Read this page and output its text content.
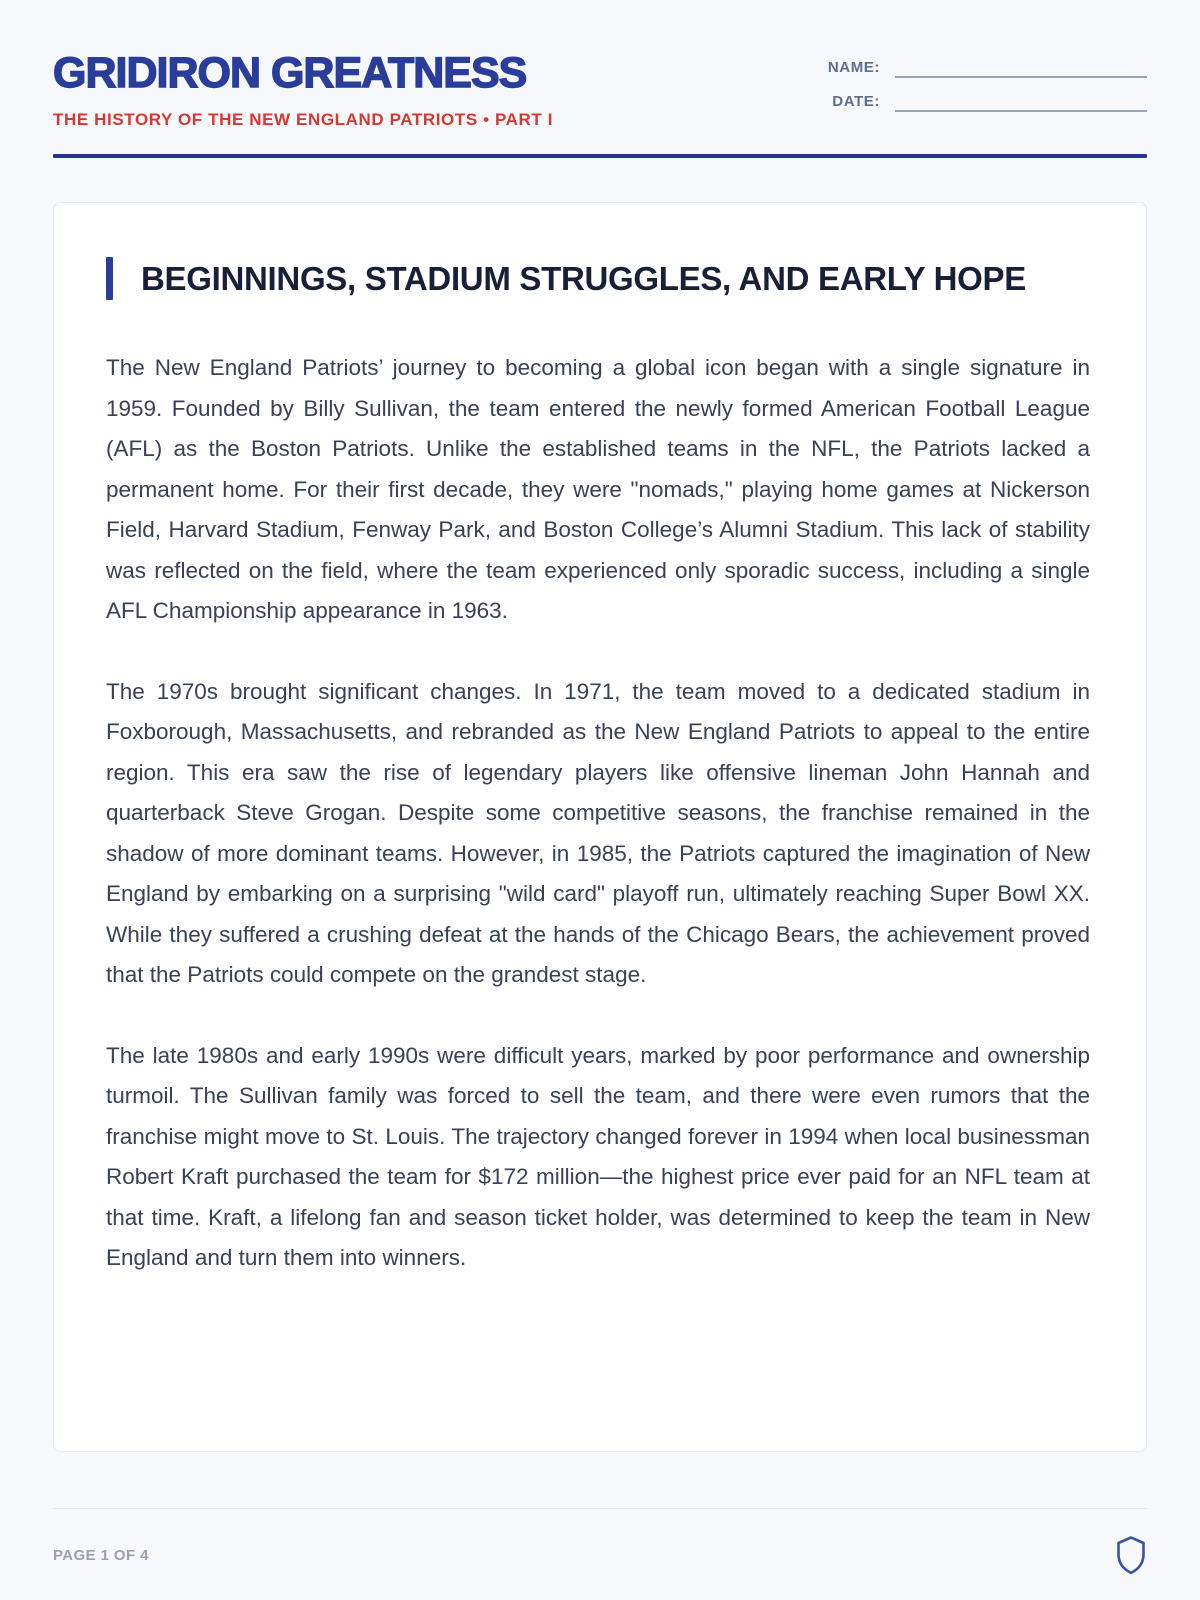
GRIDIRON GREATNESS
THE HISTORY OF THE NEW ENGLAND PATRIOTS • PART I
NAME:
DATE:
BEGINNINGS, STADIUM STRUGGLES, AND EARLY HOPE

The New England Patriots’ journey to becoming a global icon began with a single signature in 1959. Founded by Billy Sullivan, the team entered the newly formed American Football League (AFL) as the Boston Patriots. Unlike the established teams in the NFL, the Patriots lacked a permanent home. For their first decade, they were "nomads," playing home games at Nickerson Field, Harvard Stadium, Fenway Park, and Boston College’s Alumni Stadium. This lack of stability was reflected on the field, where the team experienced only sporadic success, including a single AFL Championship appearance in 1963.

The 1970s brought significant changes. In 1971, the team moved to a dedicated stadium in Foxborough, Massachusetts, and rebranded as the New England Patriots to appeal to the entire region. This era saw the rise of legendary players like offensive lineman John Hannah and quarterback Steve Grogan. Despite some competitive seasons, the franchise remained in the shadow of more dominant teams. However, in 1985, the Patriots captured the imagination of New England by embarking on a surprising "wild card" playoff run, ultimately reaching Super Bowl XX. While they suffered a crushing defeat at the hands of the Chicago Bears, the achievement proved that the Patriots could compete on the grandest stage.

The late 1980s and early 1990s were difficult years, marked by poor performance and ownership turmoil. The Sullivan family was forced to sell the team, and there were even rumors that the franchise might move to St. Louis. The trajectory changed forever in 1994 when local businessman Robert Kraft purchased the team for $172 million—the highest price ever paid for an NFL team at that time. Kraft, a lifelong fan and season ticket holder, was determined to keep the team in New England and turn them into winners.

PAGE 1 OF 4
